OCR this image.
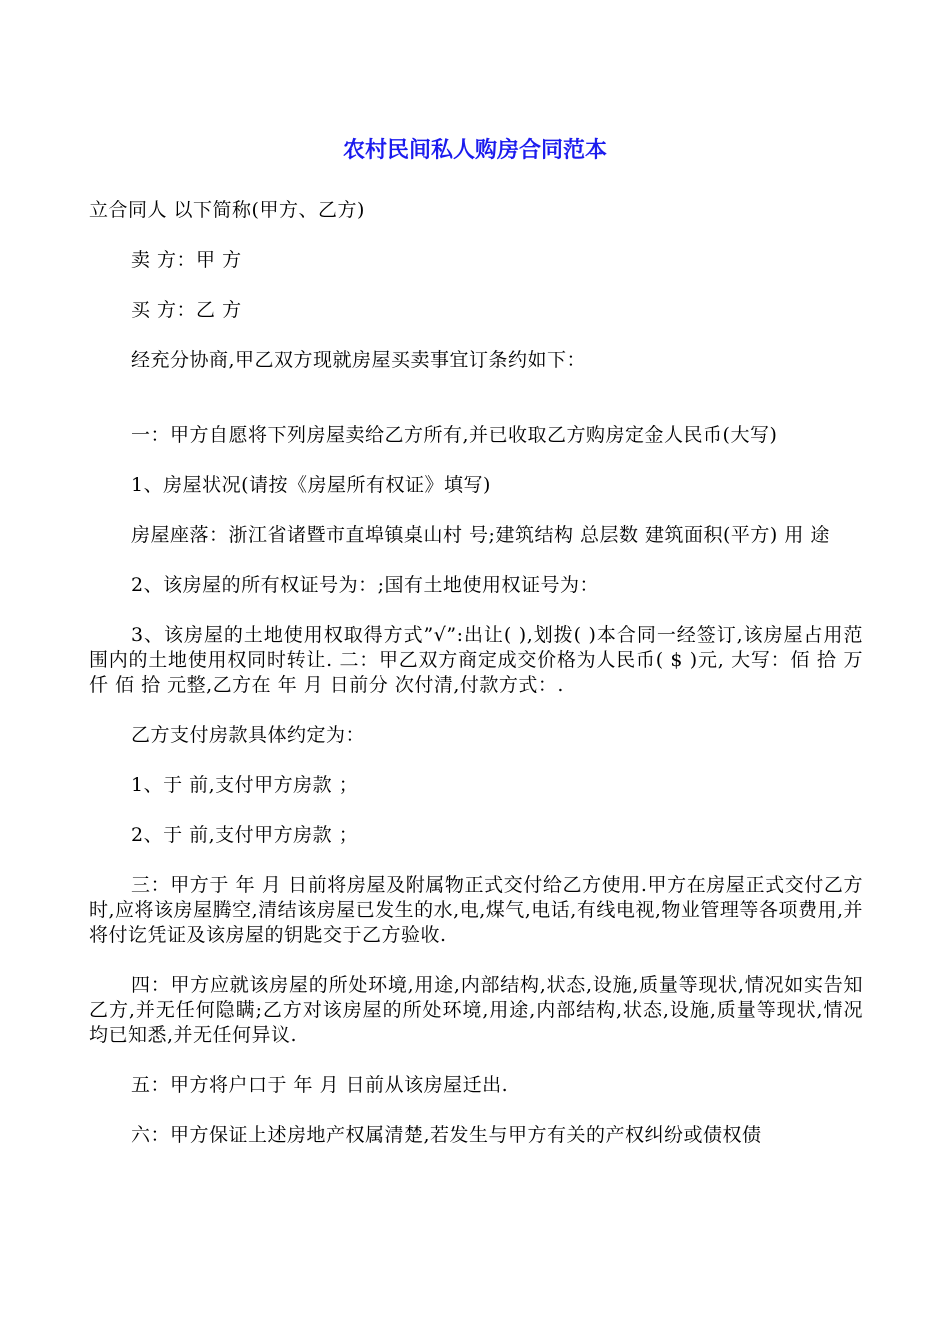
农村民间私人购房合同范本

立合同人 以下简称(甲方、乙方)

卖 方：甲 方

买 方：乙 方

经充分协商,甲乙双方现就房屋买卖事宜订条约如下：

一：甲方自愿将下列房屋卖给乙方所有,并已收取乙方购房定金人民币(大写)

1、房屋状况(请按《房屋所有权证》填写)

房屋座落：浙江省诸暨市直埠镇桌山村 号;建筑结构 总层数 建筑面积(平方) 用 途

2、该房屋的所有权证号为：;国有土地使用权证号为：

3、该房屋的土地使用权取得方式”√”:出让( ),划拨( )本合同一经签订,该房屋占用范围内的土地使用权同时转让. 二：甲乙双方商定成交价格为人民币( $ )元, 大写：佰 拾 万 仟 佰 拾 元整,乙方在 年 月 日前分 次付清,付款方式：.

乙方支付房款具体约定为：

1、于 前,支付甲方房款 ；

2、于 前,支付甲方房款 ；

三：甲方于 年 月 日前将房屋及附属物正式交付给乙方使用.甲方在房屋正式交付乙方时,应将该房屋腾空,清结该房屋已发生的水,电,煤气,电话,有线电视,物业管理等各项费用,并将付讫凭证及该房屋的钥匙交于乙方验收.

四：甲方应就该房屋的所处环境,用途,内部结构,状态,设施,质量等现状,情况如实告知乙方,并无任何隐瞒;乙方对该房屋的所处环境,用途,内部结构,状态,设施,质量等现状,情况均已知悉,并无任何异议.

五：甲方将户口于 年 月 日前从该房屋迁出.

六：甲方保证上述房地产权属清楚,若发生与甲方有关的产权纠纷或债权债
